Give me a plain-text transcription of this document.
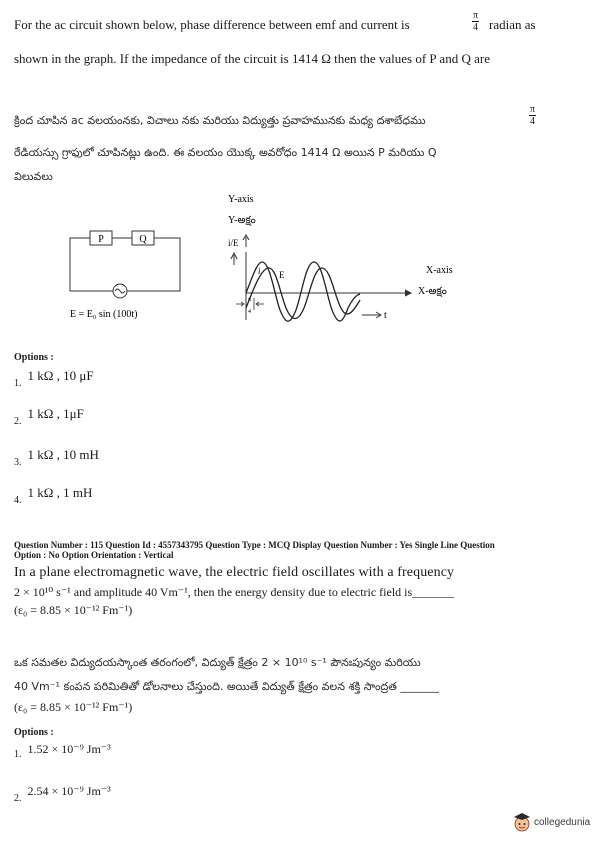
For the ac circuit shown below, phase difference between emf and current is	$\frac{\pi}{4}$ radian as
shown in the graph. If the impedance of the circuit is 1414 Ω then the values of P and Q are
క్రింద చూపిన ac వలయంనకు, విచాలు నకు మరియు విద్యుత్తు ప్రవాహమునకు మధ్య దశాబేధము	$\frac{\pi}{4}$
రేడియస్సు గ్రాఫులో చూపినట్లు ఉంది. ఈ వలయం యొక్క అవరోధం 1414 Ω అయిన P మరియు Q
విలువలు
P	Q
E = E₀ sin (100t)
Y-axis
Y-అక్షం
i/E
i E	X-axis
X-అక్షం
π
4	t
Options :
$_{1.}$ 1 kΩ , 10 μF
$_{2.}$ 1 kΩ , 1μF
$_{3.}$ 1 kΩ , 10 mH
$_{4.}$ 1 kΩ , 1 mH
Question Number : 115 Question Id : 4557343795 Question Type : MCQ Display Question Number : Yes Single Line Question
Option : No Option Orientation : Vertical
In a plane electromagnetic wave, the electric field oscillates with a frequency
2 × 10¹⁰ s⁻¹ and amplitude 40 Vm⁻¹, then the energy density due to electric field is_______
(ε₀ = 8.85 × 10⁻¹² Fm⁻¹)
ఒక సమతల విద్యుదయస్కాంత తరంగంలో, విద్యుత్ క్షేత్రం 2 × 10¹⁰ s⁻¹ పౌనఃపున్యం మరియు
40 Vm⁻¹ కంపన పరిమితితో డోలనాలు చేస్తుంది. అయితే విద్యుత్ క్షేత్రం వలన శక్తి సాంద్రత _______
(ε₀ = 8.85 × 10⁻¹² Fm⁻¹)
Options :
$_{1.}$ 1.52 × 10⁻⁹ Jm⁻³
$_{2.}$ 2.54 × 10⁻⁹ Jm⁻³
collegedunia
